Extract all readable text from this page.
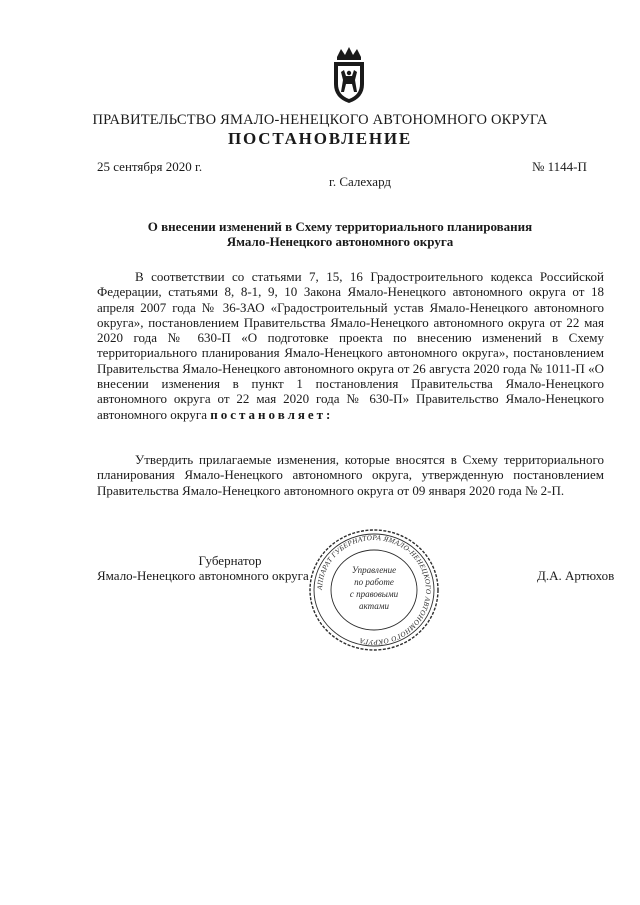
ПРАВИТЕЛЬСТВО ЯМАЛО-НЕНЕЦКОГО АВТОНОМНОГО ОКРУГА
ПОСТАНОВЛЕНИЕ
25 сентября 2020 г.	№ 1144-П
г. Салехард
О внесении изменений в Схему территориального планирования
Ямало-Ненецкого автономного округа
В соответствии со статьями 7, 15, 16 Градостроительного кодекса Российской Федерации, статьями 8, 8-1, 9, 10 Закона Ямало-Ненецкого автономного округа от 18 апреля 2007 года № 36-ЗАО «Градостроительный устав Ямало-Ненецкого автономного округа», постановлением Правительства Ямало-Ненецкого автономного округа от 22 мая 2020 года № 630-П «О подготовке проекта по внесению изменений в Схему территориального планирования Ямало-Ненецкого автономного округа», постановлением Правительства Ямало-Ненецкого автономного округа от 26 августа 2020 года № 1011-П «О внесении изменения в пункт 1 постановления Правительства Ямало-Ненецкого автономного округа от 22 мая 2020 года № 630-П» Правительство Ямало-Ненецкого автономного округа постановляет:
Утвердить прилагаемые изменения, которые вносятся в Схему территориального планирования Ямало-Ненецкого автономного округа, утвержденную постановлением Правительства Ямало-Ненецкого автономного округа от 09 января 2020 года № 2-П.
Губернатор
Ямало-Ненецкого автономного округа	Д.А. Артюхов
АППАРАТ ГУБЕРНАТОРА ЯМАЛО-НЕНЕЦКОГО АВТОНОМНОГО ОКРУГА
Управление
по работе
с правовыми
актами
